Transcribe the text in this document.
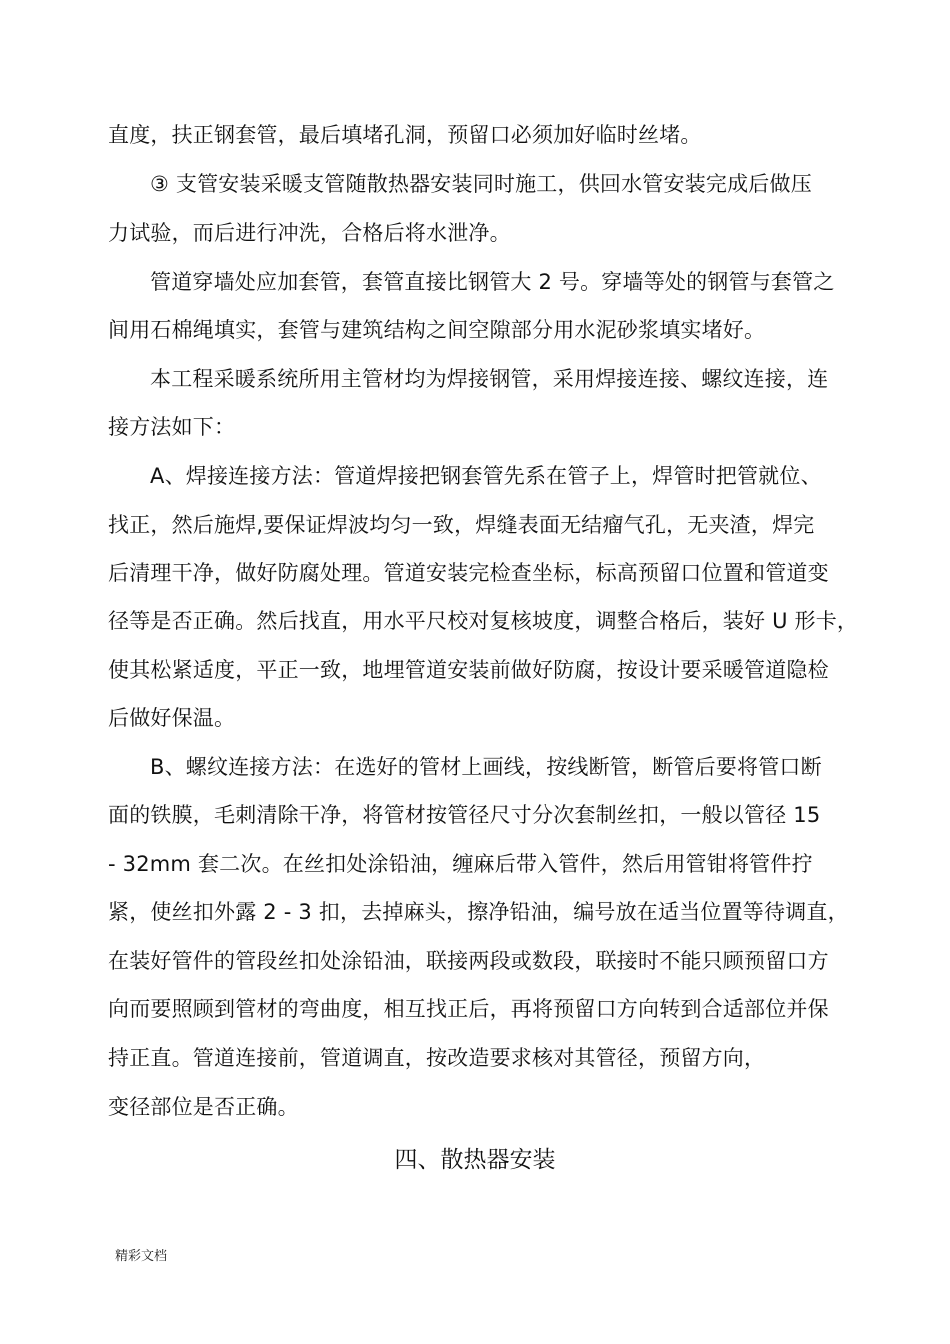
直度，扶正钢套管，最后填堵孔洞，预留口必须加好临时丝堵。
③ 支管安装采暖支管随散热器安装同时施工，供回水管安装完成后做压
力试验，而后进行冲洗，合格后将水泄净。
管道穿墙处应加套管，套管直接比钢管大 2 号。穿墙等处的钢管与套管之
间用石棉绳填实，套管与建筑结构之间空隙部分用水泥砂浆填实堵好。
本工程采暖系统所用主管材均为焊接钢管，采用焊接连接、螺纹连接，连
接方法如下：
A、焊接连接方法：管道焊接把钢套管先系在管子上，焊管时把管就位、
找正，然后施焊,要保证焊波均匀一致，焊缝表面无结瘤气孔，无夹渣，焊完
后清理干净，做好防腐处理。管道安装完检查坐标，标高预留口位置和管道变
径等是否正确。然后找直，用水平尺校对复核坡度，调整合格后，装好 U 形卡，
使其松紧适度，平正一致，地埋管道安装前做好防腐，按设计要采暖管道隐检
后做好保温。
B、螺纹连接方法：在选好的管材上画线，按线断管，断管后要将管口断
面的铁膜，毛刺清除干净，将管材按管径尺寸分次套制丝扣，一般以管径 15
- 32mm 套二次。在丝扣处涂铅油，缠麻后带入管件，然后用管钳将管件拧
紧，使丝扣外露 2 - 3 扣，去掉麻头，擦净铅油，编号放在适当位置等待调直，
在装好管件的管段丝扣处涂铅油，联接两段或数段，联接时不能只顾预留口方
向而要照顾到管材的弯曲度，相互找正后，再将预留口方向转到合适部位并保
持正直。管道连接前，管道调直，按改造要求核对其管径，预留方向，
变径部位是否正确。
四、散热器安装
精彩文档
